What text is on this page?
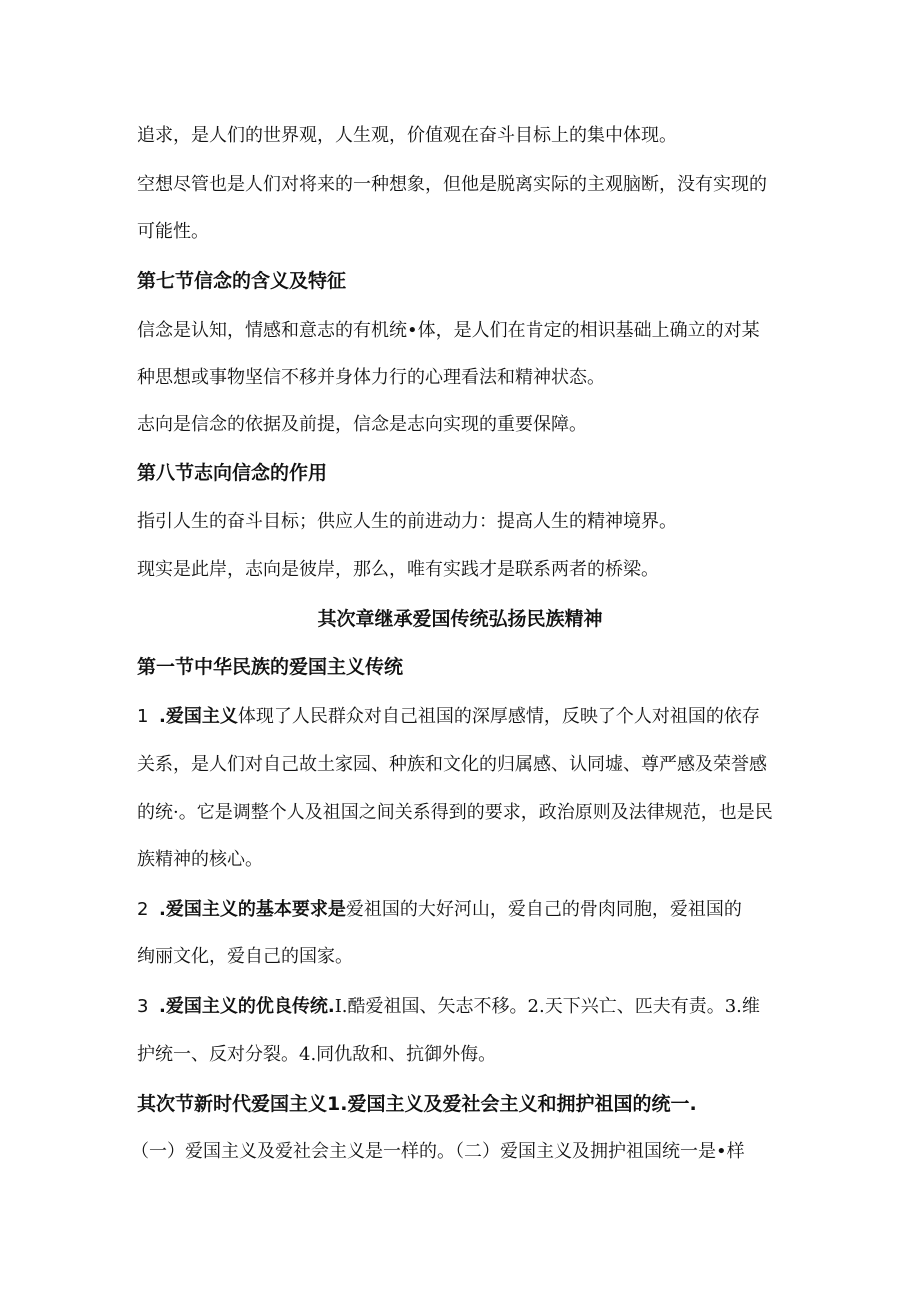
追求，是人们的世界观，人生观，价值观在奋斗目标上的集中体现。
空想尽管也是人们对将来的一种想象，但他是脱离实际的主观脑断，没有实现的
可能性。
第七节信念的含义及特征
信念是认知，情感和意志的有机统•体，是人们在肯定的相识基础上确立的对某
种思想或事物坚信不移并身体力行的心理看法和精神状态。
志向是信念的依据及前提，信念是志向实现的重要保障。
第八节志向信念的作用
指引人生的奋斗目标；供应人生的前进动力：提高人生的精神境界。
现实是此岸，志向是彼岸，那么，唯有实践才是联系两者的桥梁。
其次章继承爱国传统弘扬民族精神
第一节中华民族的爱国主义传统
1 .爱国主义体现了人民群众对自己祖国的深厚感情，反映了个人对祖国的依存
关系，是人们对自己故土家园、种族和文化的归属感、认同墟、尊严感及荣誉感
的统·。它是调整个人及祖国之间关系得到的要求，政治原则及法律规范，也是民
族精神的核心。
2 .爱国主义的基本要求是爱祖国的大好河山，爱自己的骨肉同胞，爱祖国的
绚丽文化，爱自己的国家。
3 .爱国主义的优良传统.I.酷爱祖国、矢志不移。2.天下兴亡、匹夫有责。3.维
护统一、反对分裂。4.同仇敌和、抗御外侮。
其次节新时代爱国主义1.爱国主义及爱社会主义和拥护祖国的统一.
（一）爱国主义及爱社会主义是一样的。（二）爱国主义及拥护祖国统一是•样
